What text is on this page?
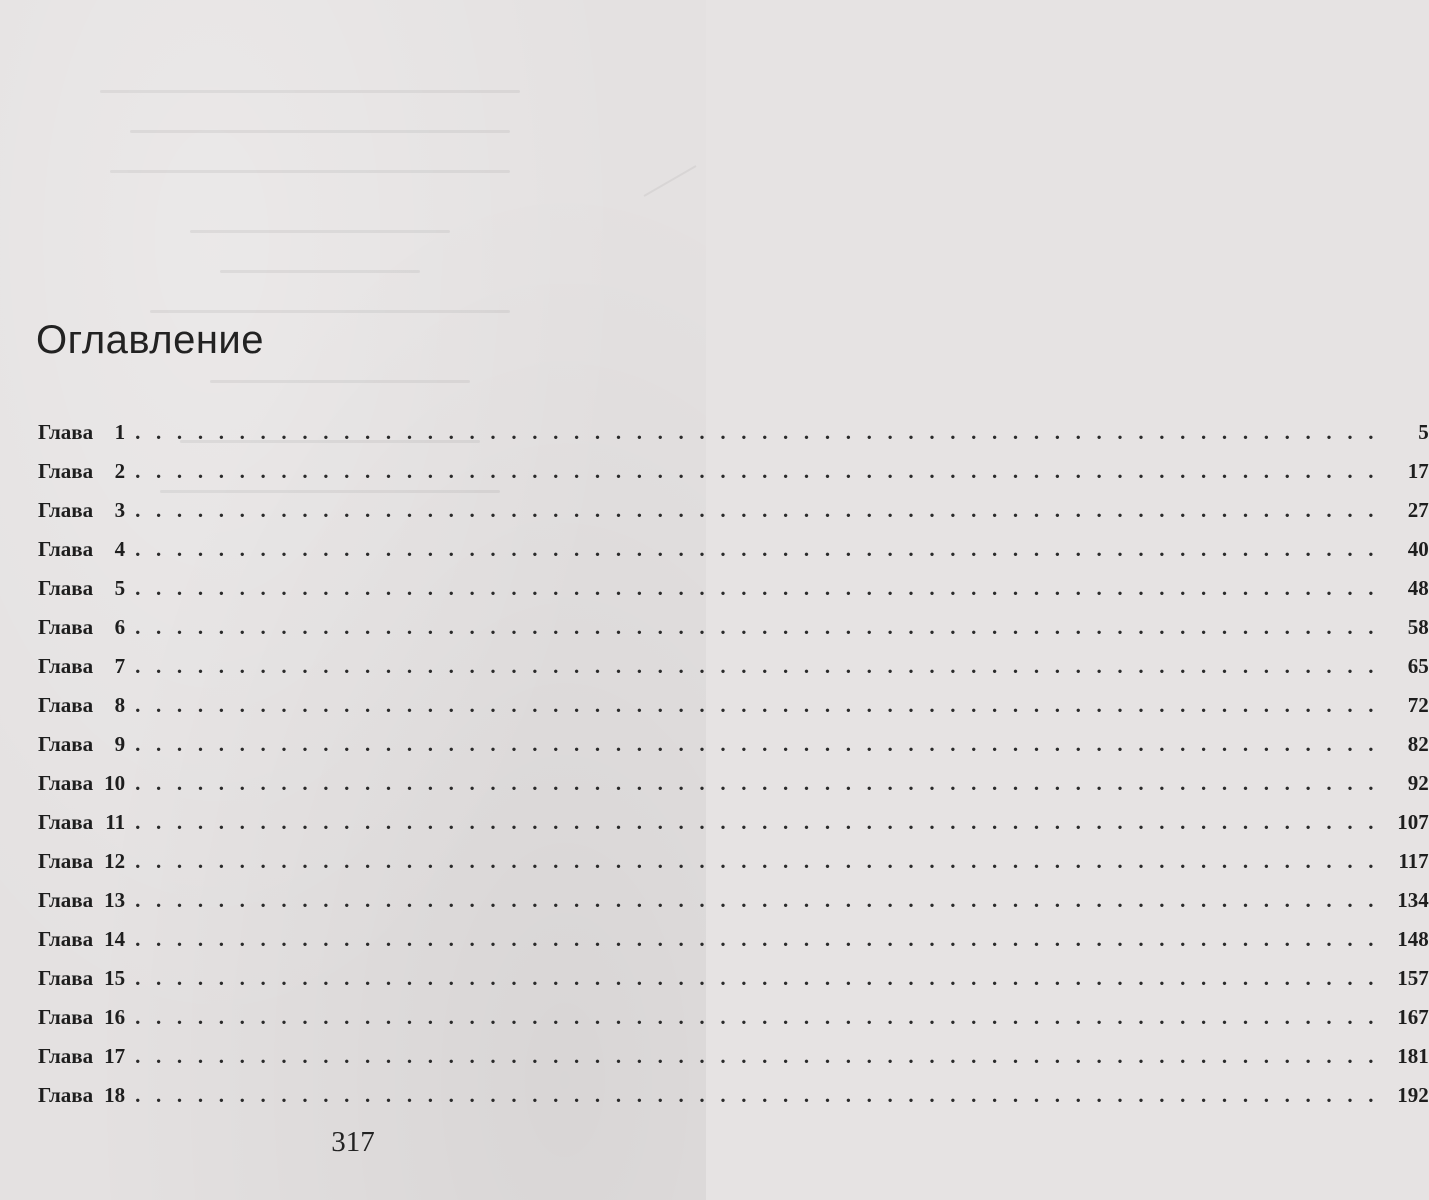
Оглавление
Глава	1 . . . . . . . . . . . . . . . . . . . . . . . . . . . . . . . . . . . . . . . . . . . . . . . . . . . . . . . . . . . .	5
Глава	2 . . . . . . . . . . . . . . . . . . . . . . . . . . . . . . . . . . . . . . . . . . . . . . . . . . . . . . . . . . . .	17
Глава	3 . . . . . . . . . . . . . . . . . . . . . . . . . . . . . . . . . . . . . . . . . . . . . . . . . . . . . . . . . . . .	27
Глава	4 . . . . . . . . . . . . . . . . . . . . . . . . . . . . . . . . . . . . . . . . . . . . . . . . . . . . . . . . . . . .	40
Глава	5 . . . . . . . . . . . . . . . . . . . . . . . . . . . . . . . . . . . . . . . . . . . . . . . . . . . . . . . . . . . .	48
Глава	6 . . . . . . . . . . . . . . . . . . . . . . . . . . . . . . . . . . . . . . . . . . . . . . . . . . . . . . . . . . . .	58
Глава	7 . . . . . . . . . . . . . . . . . . . . . . . . . . . . . . . . . . . . . . . . . . . . . . . . . . . . . . . . . . . .	65
Глава	8 . . . . . . . . . . . . . . . . . . . . . . . . . . . . . . . . . . . . . . . . . . . . . . . . . . . . . . . . . . . .	72
Глава	9 . . . . . . . . . . . . . . . . . . . . . . . . . . . . . . . . . . . . . . . . . . . . . . . . . . . . . . . . . . . .	82
Глава 10 . . . . . . . . . . . . . . . . . . . . . . . . . . . . . . . . . . . . . . . . . . . . . . . . . . . . . . . . . . . .	92
Глава 11 . . . . . . . . . . . . . . . . . . . . . . . . . . . . . . . . . . . . . . . . . . . . . . . . . . . . . . . . . . . . 107
Глава 12 . . . . . . . . . . . . . . . . . . . . . . . . . . . . . . . . . . . . . . . . . . . . . . . . . . . . . . . . . . . . 117
Глава 13 . . . . . . . . . . . . . . . . . . . . . . . . . . . . . . . . . . . . . . . . . . . . . . . . . . . . . . . . . . . . 134
Глава 14 . . . . . . . . . . . . . . . . . . . . . . . . . . . . . . . . . . . . . . . . . . . . . . . . . . . . . . . . . . . . 148
Глава 15 . . . . . . . . . . . . . . . . . . . . . . . . . . . . . . . . . . . . . . . . . . . . . . . . . . . . . . . . . . . . 157
Глава 16 . . . . . . . . . . . . . . . . . . . . . . . . . . . . . . . . . . . . . . . . . . . . . . . . . . . . . . . . . . . . 167
Глава 17 . . . . . . . . . . . . . . . . . . . . . . . . . . . . . . . . . . . . . . . . . . . . . . . . . . . . . . . . . . . . 181
Глава 18 . . . . . . . . . . . . . . . . . . . . . . . . . . . . . . . . . . . . . . . . . . . . . . . . . . . . . . . . . . . . 192
317
